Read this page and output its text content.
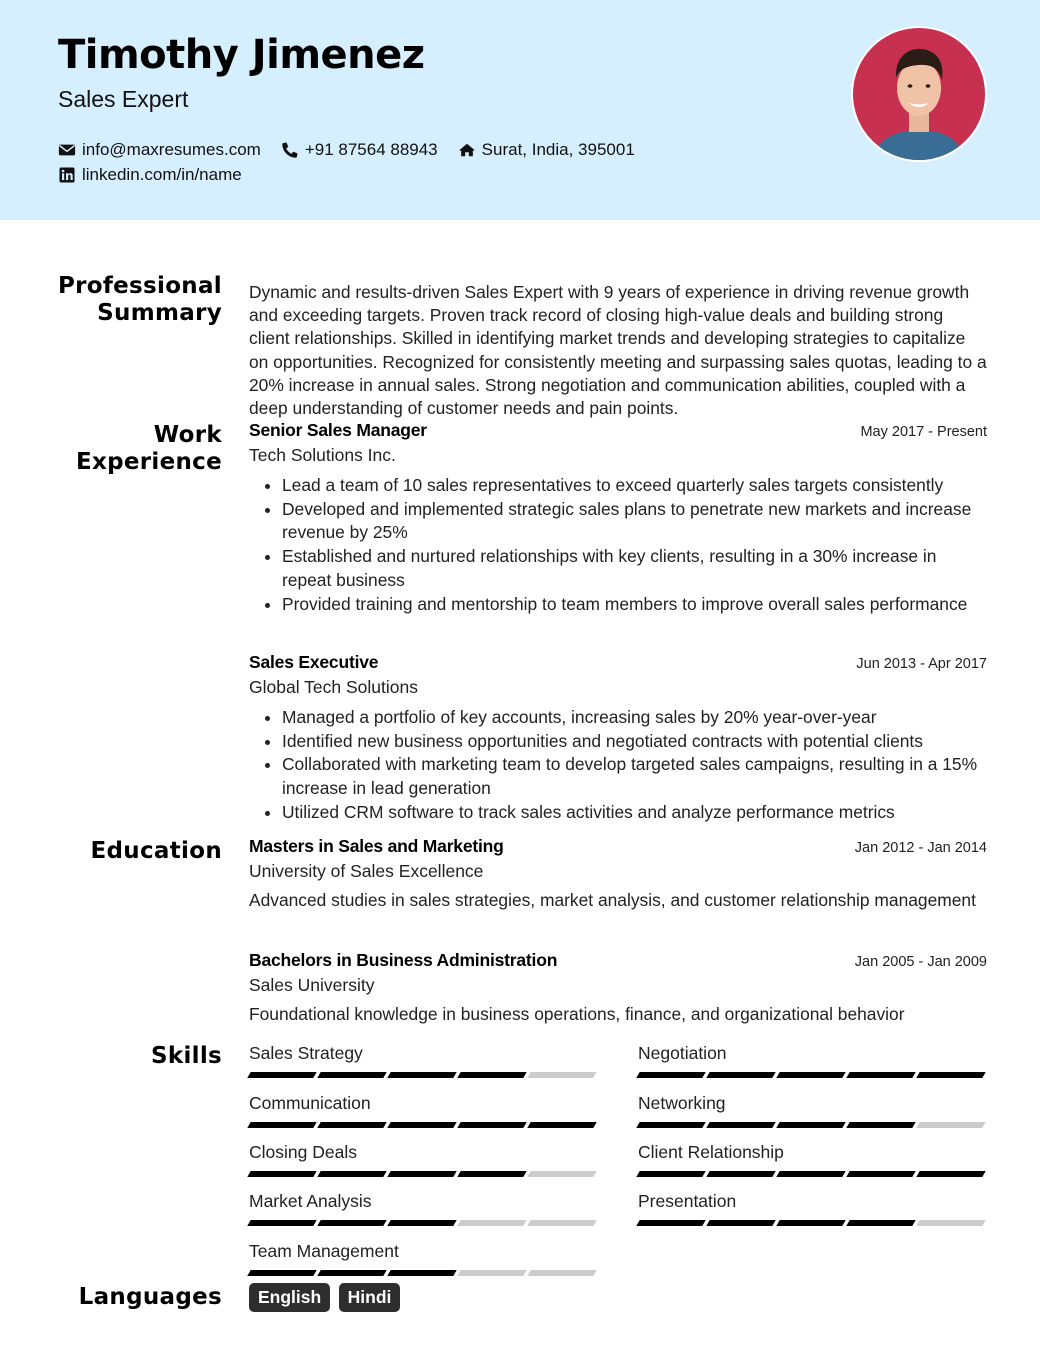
Timothy Jimenez
Sales Expert
info@maxresumes.com	+91 87564 88943	Surat, India, 395001
linkedin.com/in/name
Professional
Summary
Dynamic and results-driven Sales Expert with 9 years of experience in driving revenue growth and exceeding targets. Proven track record of closing high-value deals and building strong client relationships. Skilled in identifying market trends and developing strategies to capitalize on opportunities. Recognized for consistently meeting and surpassing sales quotas, leading to a 20% increase in annual sales. Strong negotiation and communication abilities, coupled with a deep understanding of customer needs and pain points.
Work
Experience
Senior Sales Manager	May 2017 - Present
Tech Solutions Inc.
• Lead a team of 10 sales representatives to exceed quarterly sales targets consistently
• Developed and implemented strategic sales plans to penetrate new markets and increase revenue by 25%
• Established and nurtured relationships with key clients, resulting in a 30% increase in repeat business
• Provided training and mentorship to team members to improve overall sales performance
Sales Executive	Jun 2013 - Apr 2017
Global Tech Solutions
• Managed a portfolio of key accounts, increasing sales by 20% year-over-year
• Identified new business opportunities and negotiated contracts with potential clients
• Collaborated with marketing team to develop targeted sales campaigns, resulting in a 15% increase in lead generation
• Utilized CRM software to track sales activities and analyze performance metrics
Education Masters in Sales and Marketing	Jan 2012 - Jan 2014
University of Sales Excellence
Advanced studies in sales strategies, market analysis, and customer relationship management
Bachelors in Business Administration	Jan 2005 - Jan 2009
Sales University
Foundational knowledge in business operations, finance, and organizational behavior
Skills Sales Strategy	Negotiation
Communication	Networking
Closing Deals	Client Relationship
Market Analysis	Presentation
Team Management
Languages	English Hindi
